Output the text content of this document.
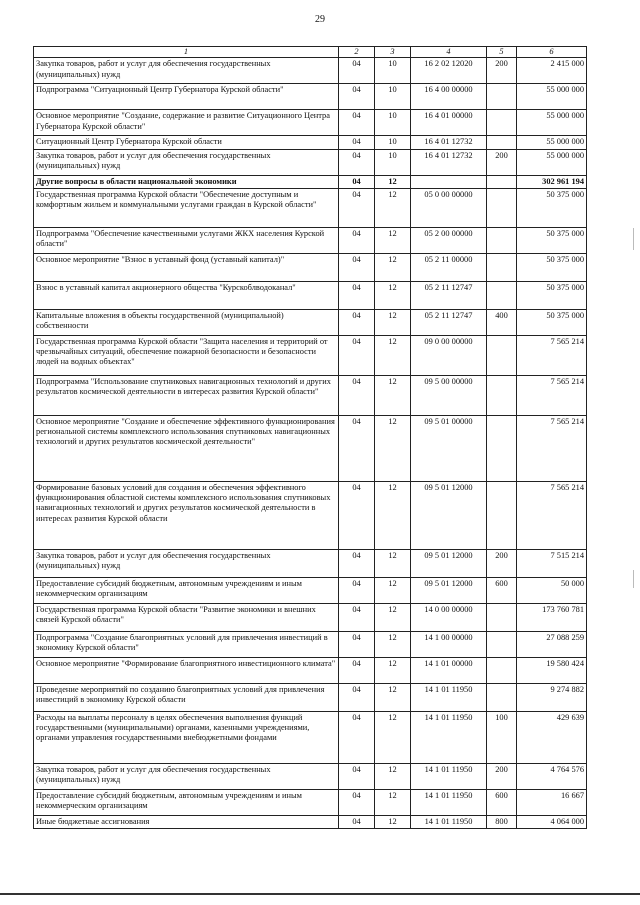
29
1	2	3	4	5	6
Закупка товаров, работ и услуг для обеспечения государственных (муниципальных) нужд	04	10	16 2 02 12020	200	2 415 000
Подпрограмма "Ситуационный Центр Губернатора Курской области"	04	10	16 4 00 00000		55 000 000
Основное мероприятие "Создание, содержание и развитие Ситуационного Центра Губернатора Курской области"	04	10	16 4 01 00000		55 000 000
Ситуационный Центр Губернатора Курской области	04	10	16 4 01 12732		55 000 000
Закупка товаров, работ и услуг для обеспечения государственных (муниципальных) нужд	04	10	16 4 01 12732	200	55 000 000
Другие вопросы в области национальной экономики	04	12			302 961 194
Государственная программа Курской области "Обеспечение доступным и комфортным жильем и коммунальными услугами граждан в Курской области"	04	12	05 0 00 00000		50 375 000
Подпрограмма "Обеспечение качественными услугами ЖКХ населения Курской области"	04	12	05 2 00 00000		50 375 000
Основное мероприятие "Взнос в уставный фонд (уставный капитал)"	04	12	05 2 11 00000		50 375 000
Взнос в уставный капитал акционерного общества "Курскоблводоканал"	04	12	05 2 11 12747		50 375 000
Капитальные вложения в объекты государственной (муниципальной) собственности	04	12	05 2 11 12747	400	50 375 000
Государственная программа Курской области "Защита населения и территорий от чрезвычайных ситуаций, обеспечение пожарной безопасности и безопасности людей на водных объектах"	04	12	09 0 00 00000		7 565 214
Подпрограмма "Использование спутниковых навигационных технологий и других результатов космической деятельности в интересах развития Курской области"	04	12	09 5 00 00000		7 565 214
Основное мероприятие "Создание и обеспечение эффективного функционирования региональной системы комплексного использования спутниковых навигационных технологий и других результатов космической деятельности"	04	12	09 5 01 00000		7 565 214
Формирование базовых условий для создания и обеспечения эффективного функционирования областной системы комплексного использования спутниковых навигационных технологий и других результатов космической деятельности в интересах развития Курской области	04	12	09 5 01 12000		7 565 214
Закупка товаров, работ и услуг для обеспечения государственных (муниципальных) нужд	04	12	09 5 01 12000	200	7 515 214
Предоставление субсидий бюджетным, автономным учреждениям и иным некоммерческим организациям	04	12	09 5 01 12000	600	50 000
Государственная программа Курской области "Развитие экономики и внешних связей Курской области"	04	12	14 0 00 00000		173 760 781
Подпрограмма "Создание благоприятных условий для привлечения инвестиций в экономику Курской области"	04	12	14 1 00 00000		27 088 259
Основное мероприятие "Формирование благоприятного инвестиционного климата"	04	12	14 1 01 00000		19 580 424
Проведение мероприятий по созданию благоприятных условий для привлечения инвестиций в экономику Курской области	04	12	14 1 01 11950		9 274 882
Расходы на выплаты персоналу в целях обеспечения выполнения функций государственными (муниципальными) органами, казенными учреждениями, органами управления государственными внебюджетными фондами	04	12	14 1 01 11950	100	429 639
Закупка товаров, работ и услуг для обеспечения государственных (муниципальных) нужд	04	12	14 1 01 11950	200	4 764 576
Предоставление субсидий бюджетным, автономным учреждениям и иным некоммерческим организациям	04	12	14 1 01 11950	600	16 667
Иные бюджетные ассигнования	04	12	14 1 01 11950	800	4 064 000
